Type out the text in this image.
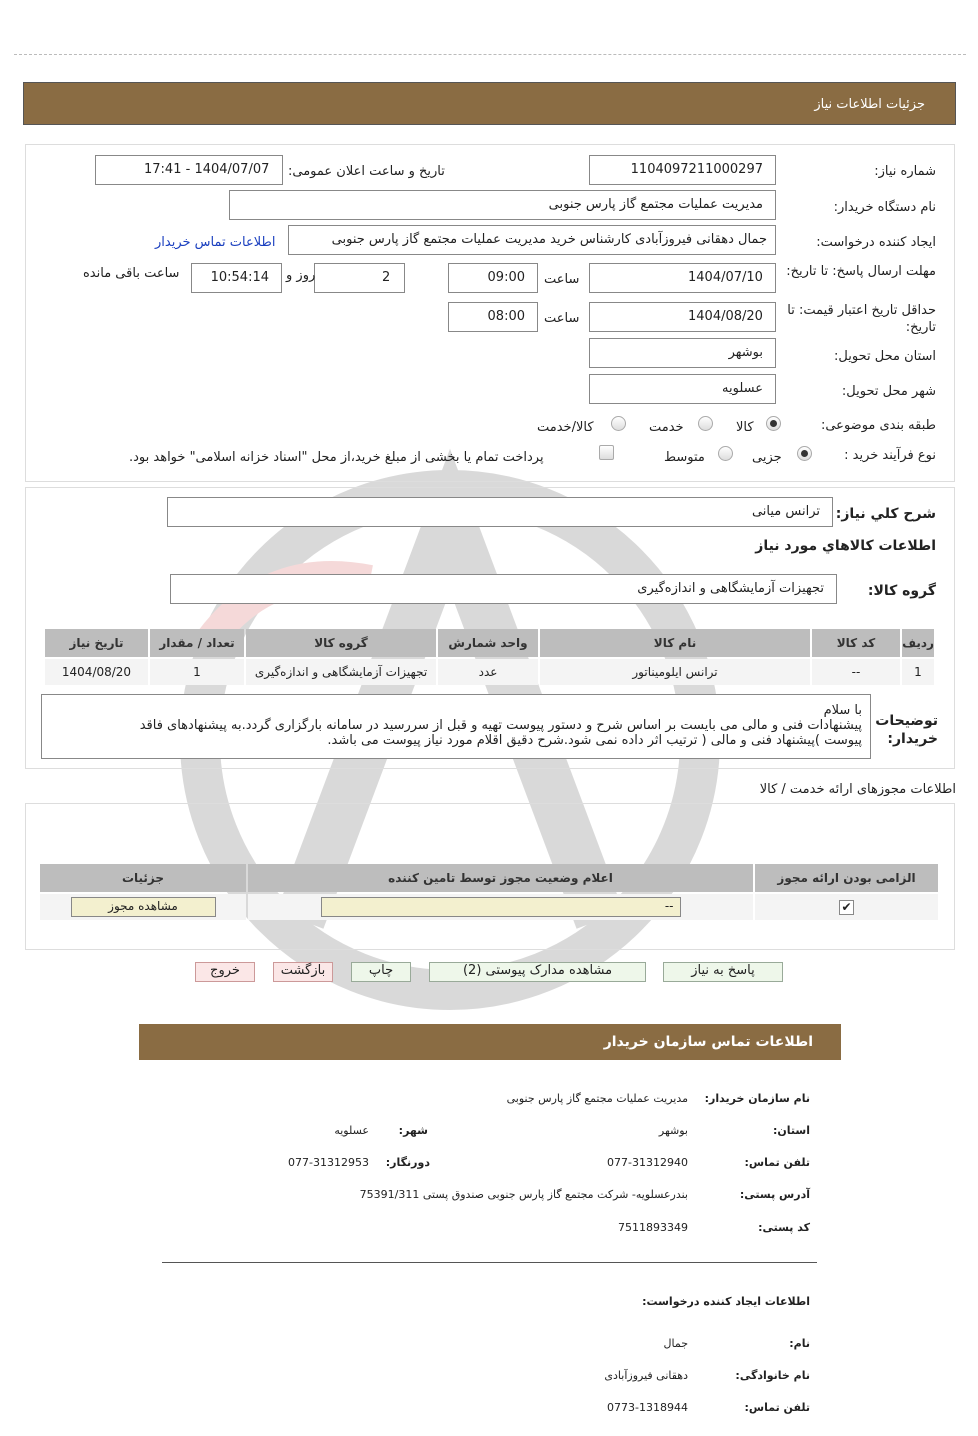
جزئیات اطلاعات نیاز
شماره نیاز:
1104097211000297
تاریخ و ساعت اعلان عمومی:
1404/07/07 - 17:41
نام دستگاه خریدار:
مدیریت عملیات مجتمع گاز پارس جنوبی
ایجاد کننده درخواست:
جمال دهقانی فیروزآبادی کارشناس خرید مدیریت عملیات مجتمع گاز پارس جنوبی
اطلاعات تماس خریدار
مهلت ارسال پاسخ: تا تاریخ:
1404/07/10
ساعت
09:00
2
روز و
10:54:14
ساعت باقی مانده
حداقل تاریخ اعتبار قیمت: تا تاریخ:
1404/08/20
ساعت
08:00
استان محل تحویل:
بوشهر
شهر محل تحویل:
عسلویه
طبقه بندی موضوعی:
کالا
خدمت
کالا/خدمت
نوع فرآیند خرید :
جزیی
متوسط
پرداخت تمام یا بخشی از مبلغ خرید،از محل "اسناد خزانه اسلامی" خواهد بود.
شرح کلي نياز:
ترانس میانی
اطلاعات کالاهاي مورد نياز
گروه کالا:
تجهیزات آزمایشگاهی و اندازه‌گیری
ردیف	کد کالا	نام کالا	واحد شمارش	گروه کالا	تعداد / مقدار	تاریخ نیاز
1	--	ترانس ایلومیناتور	عدد	تجهیزات آزمایشگاهی و اندازه‌گیری	1	1404/08/20
توضیحات خریدار:
با سلام
پیشنهادات فنی و مالی می بایست بر اساس شرح و دستور پیوست تهیه و قبل از سررسید در سامانه بارگزاری گردد.به پیشنهادهای فاقد
پیوست )پیشنهاد فنی و مالی ( ترتیب اثر داده نمی شود.شرح دقیق اقلام مورد نیاز پیوست می باشد.
اطلاعات مجوزهای ارائه خدمت / کالا
الزامی بودن ارائه مجوز	اعلام وضعیت مجوز توسط تامین کننده	جزئیات
✔	--	مشاهده مجوز
پاسخ به نیاز
مشاهده مدارک پیوستی (2)
چاپ
بازگشت
خروج
اطلاعات تماس سازمان خریدار
نام سازمان خریدار:
مدیریت عملیات مجتمع گاز پارس جنوبی
استان:
بوشهر
شهر:
عسلویه
تلفن تماس:
077-31312940
دورنگار:
077-31312953
آدرس پستی:
بندرعسلویه- شرکت مجتمع گاز پارس جنوبی صندوق پستی 75391/311
کد پستی:
7511893349
اطلاعات ایجاد کننده درخواست:
نام:
جمال
نام خانوادگی:
دهقانی فیروزآبادی
تلفن تماس:
0773-1318944
